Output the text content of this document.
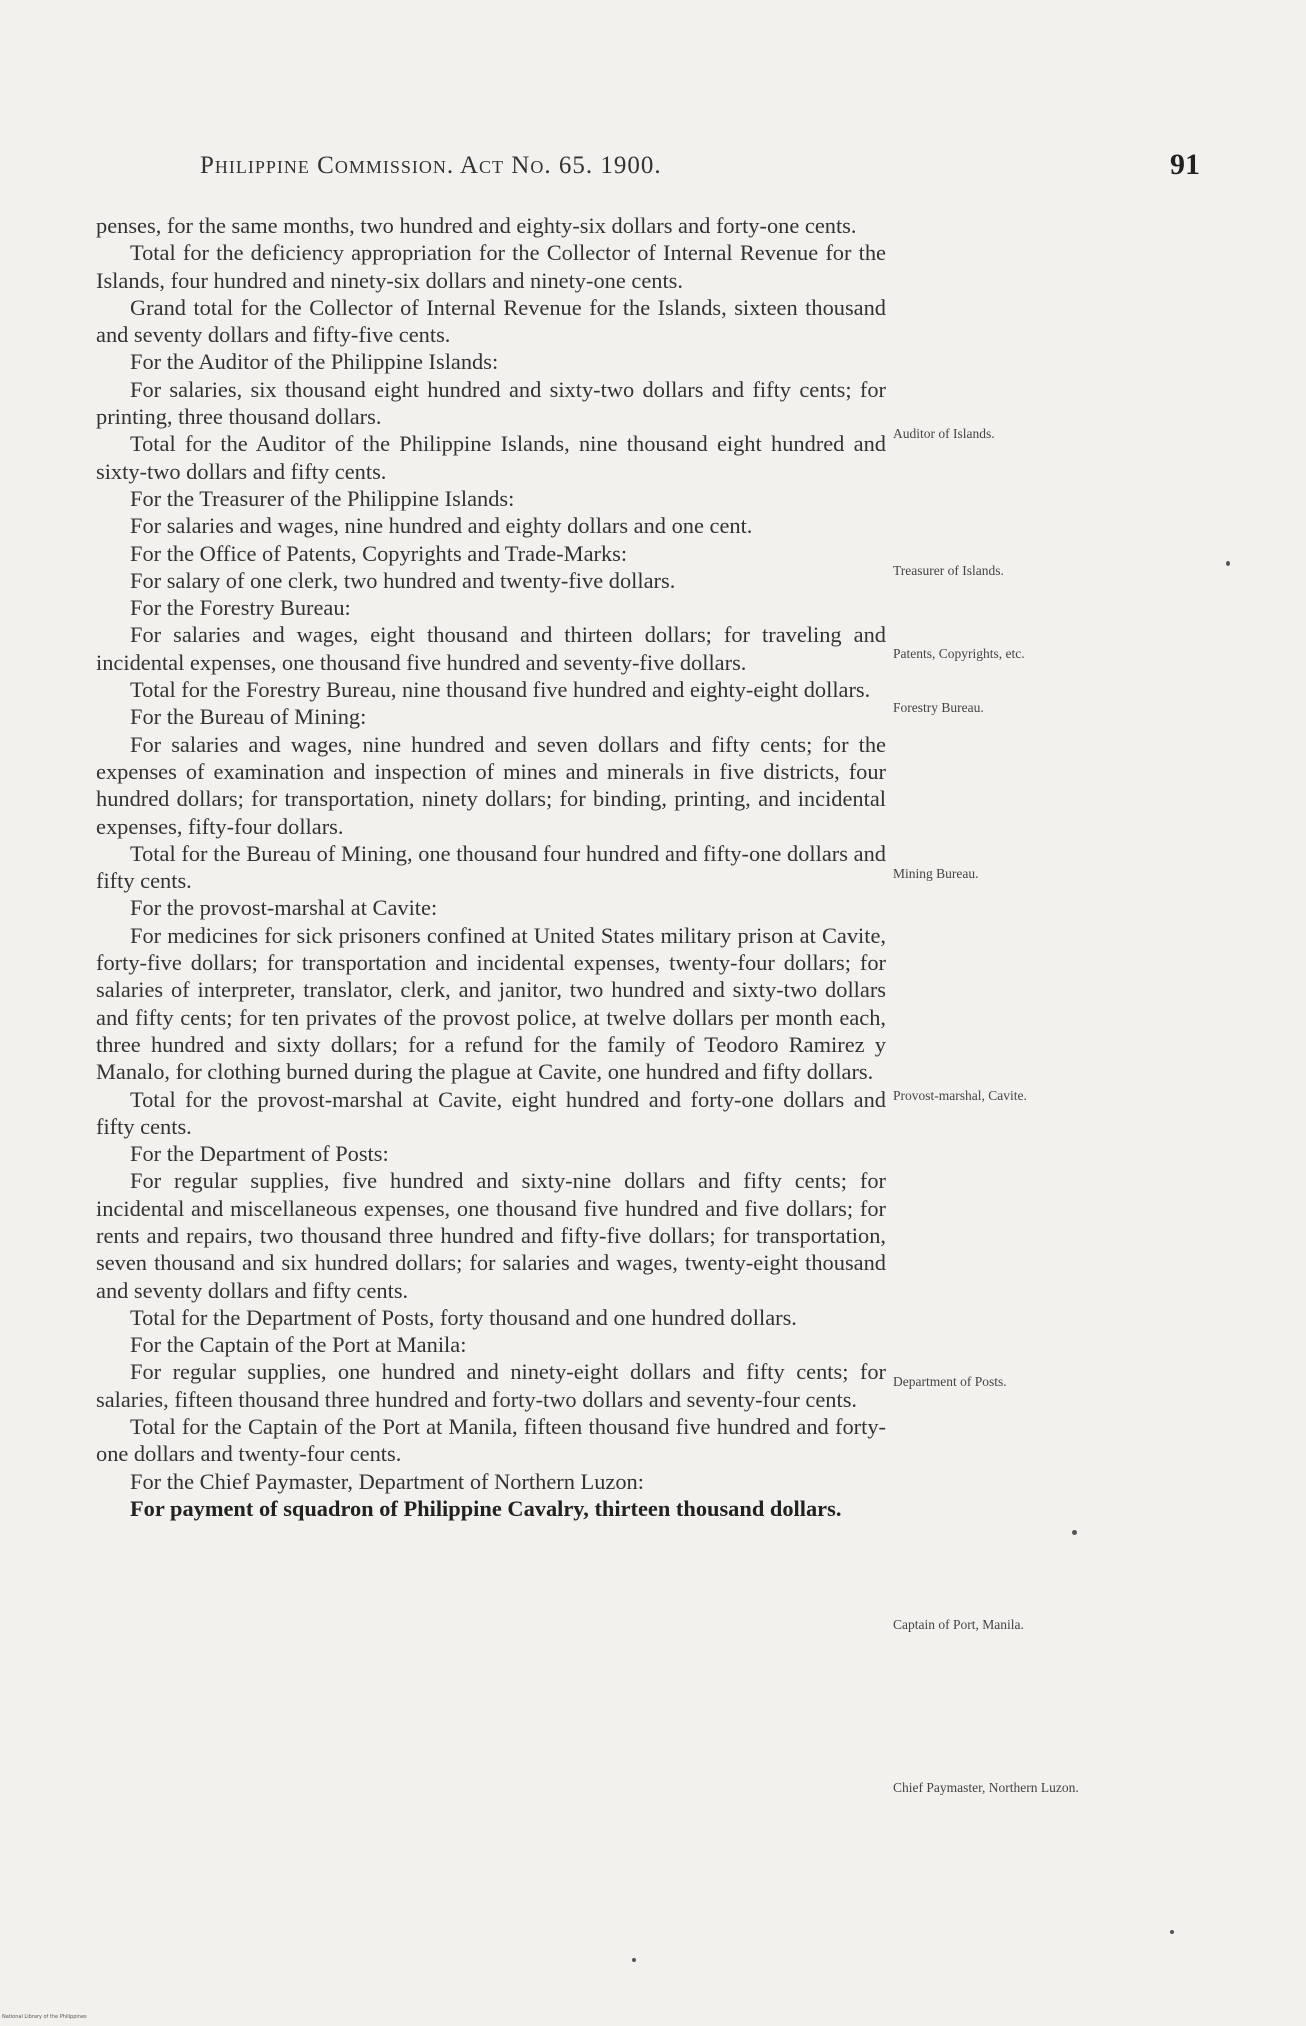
Philippine Commission. Act No. 65. 1900.	91

penses, for the same months, two hundred and eighty-six dollars and forty-one cents.

Total for the deficiency appropriation for the Collector of Internal Revenue for the Islands, four hundred and ninety-six dollars and ninety-one cents.

Grand total for the Collector of Internal Revenue for the Islands, sixteen thousand and seventy dollars and fifty-five cents.

For the Auditor of the Philippine Islands:

For salaries, six thousand eight hundred and sixty-two dollars and fifty cents; for printing, three thousand dollars.

Total for the Auditor of the Philippine Islands, nine thousand eight hundred and sixty-two dollars and fifty cents.

For the Treasurer of the Philippine Islands:

For salaries and wages, nine hundred and eighty dollars and one cent.

For the Office of Patents, Copyrights and Trade-Marks:

For salary of one clerk, two hundred and twenty-five dollars.

For the Forestry Bureau:

For salaries and wages, eight thousand and thirteen dollars; for traveling and incidental expenses, one thousand five hundred and seventy-five dollars.

Total for the Forestry Bureau, nine thousand five hundred and eighty-eight dollars.

For the Bureau of Mining:

For salaries and wages, nine hundred and seven dollars and fifty cents; for the expenses of examination and inspection of mines and minerals in five districts, four hundred dollars; for transportation, ninety dollars; for binding, printing, and incidental expenses, fifty-four dollars.

Total for the Bureau of Mining, one thousand four hundred and fifty-one dollars and fifty cents.

For the provost-marshal at Cavite:

For medicines for sick prisoners confined at United States military prison at Cavite, forty-five dollars; for transportation and incidental expenses, twenty-four dollars; for salaries of interpreter, translator, clerk, and janitor, two hundred and sixty-two dollars and fifty cents; for ten privates of the provost police, at twelve dollars per month each, three hundred and sixty dollars; for a refund for the family of Teodoro Ramirez y Manalo, for clothing burned during the plague at Cavite, one hundred and fifty dollars.

Total for the provost-marshal at Cavite, eight hundred and forty-one dollars and fifty cents.

For the Department of Posts:

For regular supplies, five hundred and sixty-nine dollars and fifty cents; for incidental and miscellaneous expenses, one thousand five hundred and five dollars; for rents and repairs, two thousand three hundred and fifty-five dollars; for transportation, seven thousand and six hundred dollars; for salaries and wages, twenty-eight thousand and seventy dollars and fifty cents.

Total for the Department of Posts, forty thousand and one hundred dollars.

For the Captain of the Port at Manila:

For regular supplies, one hundred and ninety-eight dollars and fifty cents; for salaries, fifteen thousand three hundred and forty-two dollars and seventy-four cents.

Total for the Captain of the Port at Manila, fifteen thousand five hundred and forty-one dollars and twenty-four cents.

For the Chief Paymaster, Department of Northern Luzon:

For payment of squadron of Philippine Cavalry, thirteen thousand dollars.

Auditor of Islands.
Treasurer of Islands.
Patents, Copyrights, etc.
Forestry Bureau.
Mining Bureau.
Provost-marshal, Cavite.
Department of Posts.
Captain of Port, Manila.
Chief Paymaster, Northern Luzon.
National Library of the Philippines
